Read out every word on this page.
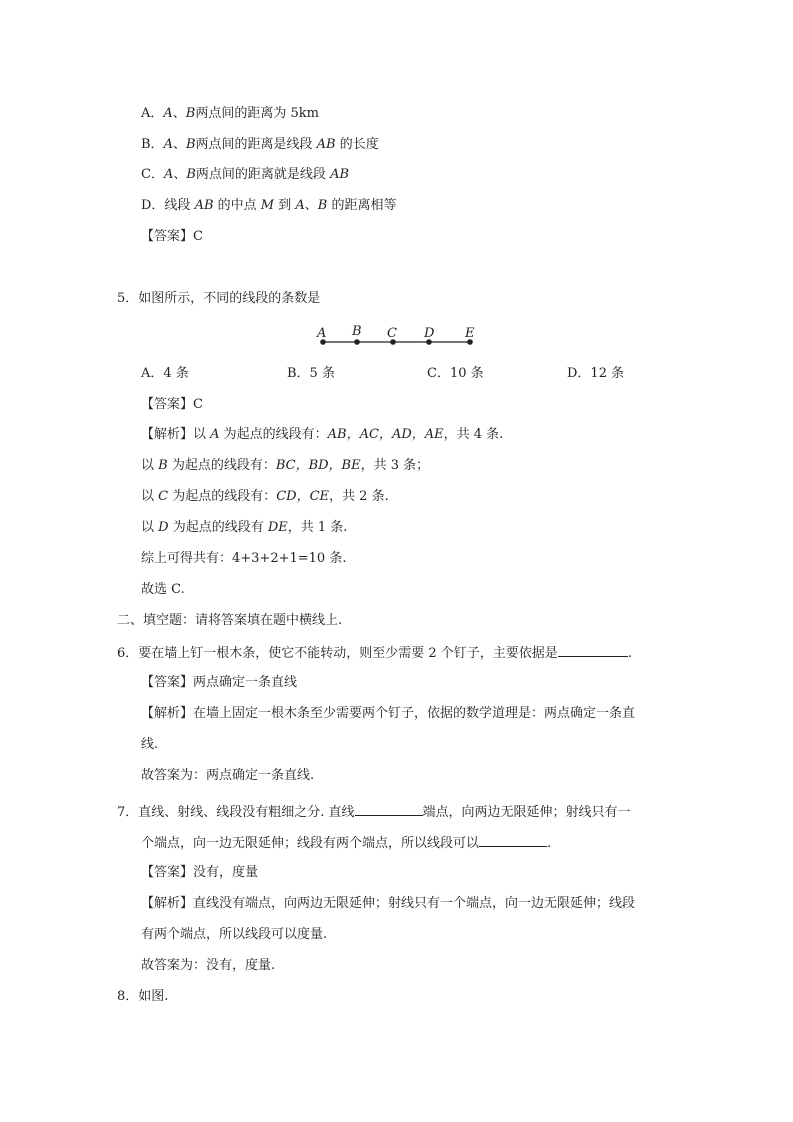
A．A、B两点间的距离为 5km
B．A、B两点间的距离是线段 AB 的长度
C．A、B两点间的距离就是线段 AB
D．线段 AB 的中点 M 到 A、B 的距离相等
【答案】C
5．如图所示，不同的线段的条数是
A B C D E
A．4 条	B．5 条	C．10 条	D．12 条
【答案】C
【解析】以 A 为起点的线段有：AB，AC，AD，AE，共 4 条.
以 B 为起点的线段有：BC，BD，BE，共 3 条；
以 C 为起点的线段有：CD，CE，共 2 条.
以 D 为起点的线段有 DE，共 1 条.
综上可得共有：4+3+2+1=10 条.
故选 C.
二、填空题：请将答案填在题中横线上.
6．要在墙上钉一根木条，使它不能转动，则至少需要 2 个钉子，主要依据是	.
【答案】两点确定一条直线
【解析】在墙上固定一根木条至少需要两个钉子，依据的数学道理是：两点确定一条直
线.
故答案为：两点确定一条直线.
7．直线、射线、线段没有粗细之分. 直线	端点，向两边无限延伸；射线只有一
个端点，向一边无限延伸；线段有两个端点，所以线段可以	.
【答案】没有，度量
【解析】直线没有端点，向两边无限延伸；射线只有一个端点，向一边无限延伸；线段
有两个端点，所以线段可以度量.
故答案为：没有，度量.
8．如图.
